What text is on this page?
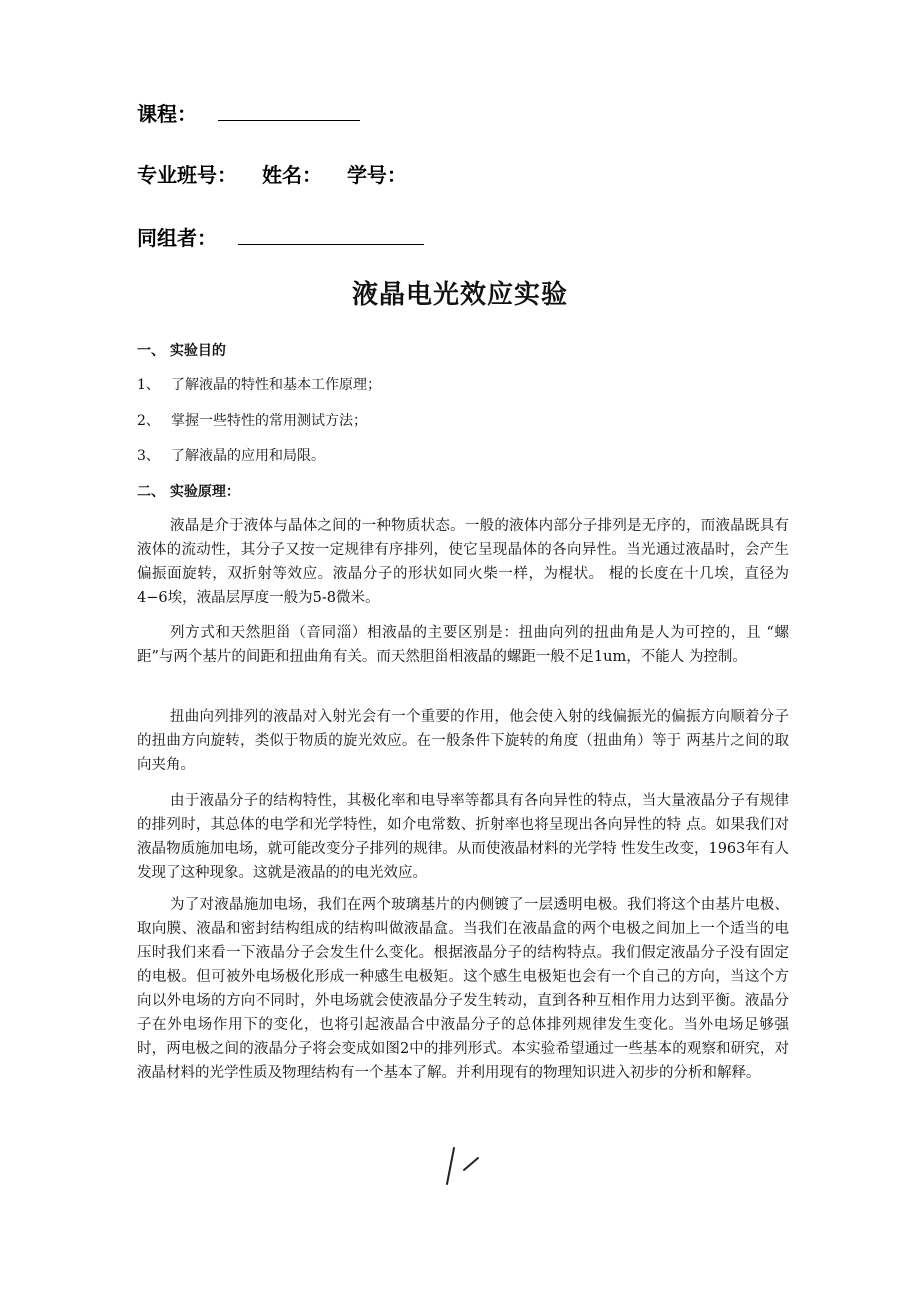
课程：
专业班号： 姓名： 学号：
同组者：
液晶电光效应实验
一、 实验目的
1、 了解液晶的特性和基本工作原理；
2、 掌握一些特性的常用测试方法；
3、 了解液晶的应用和局限。
二、 实验原理：

液晶是介于液体与晶体之间的一种物质状态。一般的液体内部分子排列是无序的，而液晶既具有液体的流动性，其分子又按一定规律有序排列，使它呈现晶体的各向异性。当光通过液晶时，会产生偏振面旋转，双折射等效应。液晶分子的形状如同火柴一样，为棍状。 棍的长度在十几埃，直径为4−6埃，液晶层厚度一般为5-8微米。

列方式和天然胆甾（音同淄）相液晶的主要区别是：扭曲向列的扭曲角是人为可控的，且 “螺距”与两个基片的间距和扭曲角有关。而天然胆甾相液晶的螺距一般不足1um，不能人 为控制。

扭曲向列排列的液晶对入射光会有一个重要的作用，他会使入射的线偏振光的偏振方向顺着分子的扭曲方向旋转，类似于物质的旋光效应。在一般条件下旋转的角度（扭曲角）等于 两基片之间的取向夹角。

由于液晶分子的结构特性，其极化率和电导率等都具有各向异性的特点，当大量液晶分子有规律的排列时，其总体的电学和光学特性，如介电常数、折射率也将呈现出各向异性的特 点。如果我们对液晶物质施加电场，就可能改变分子排列的规律。从而使液晶材料的光学特 性发生改变，1963年有人发现了这种现象。这就是液晶的的电光效应。

为了对液晶施加电场，我们在两个玻璃基片的内侧镀了一层透明电极。我们将这个由基片电极、取向膜、液晶和密封结构组成的结构叫做液晶盒。当我们在液晶盒的两个电极之间加上一个适当的电压时我们来看一下液晶分子会发生什么变化。根据液晶分子的结构特点。我们假定液晶分子没有固定的电极。但可被外电场极化形成一种感生电极矩。这个感生电极矩也会有一个自己的方向，当这个方向以外电场的方向不同时，外电场就会使液晶分子发生转动，直到各种互相作用力达到平衡。液晶分子在外电场作用下的变化，也将引起液晶合中液晶分子的总体排列规律发生变化。当外电场足够强时，两电极之间的液晶分子将会变成如图2中的排列形式。本实验希望通过一些基本的观察和研究，对液晶材料的光学性质及物理结构有一个基本了解。并利用现有的物理知识进入初步的分析和解释。
